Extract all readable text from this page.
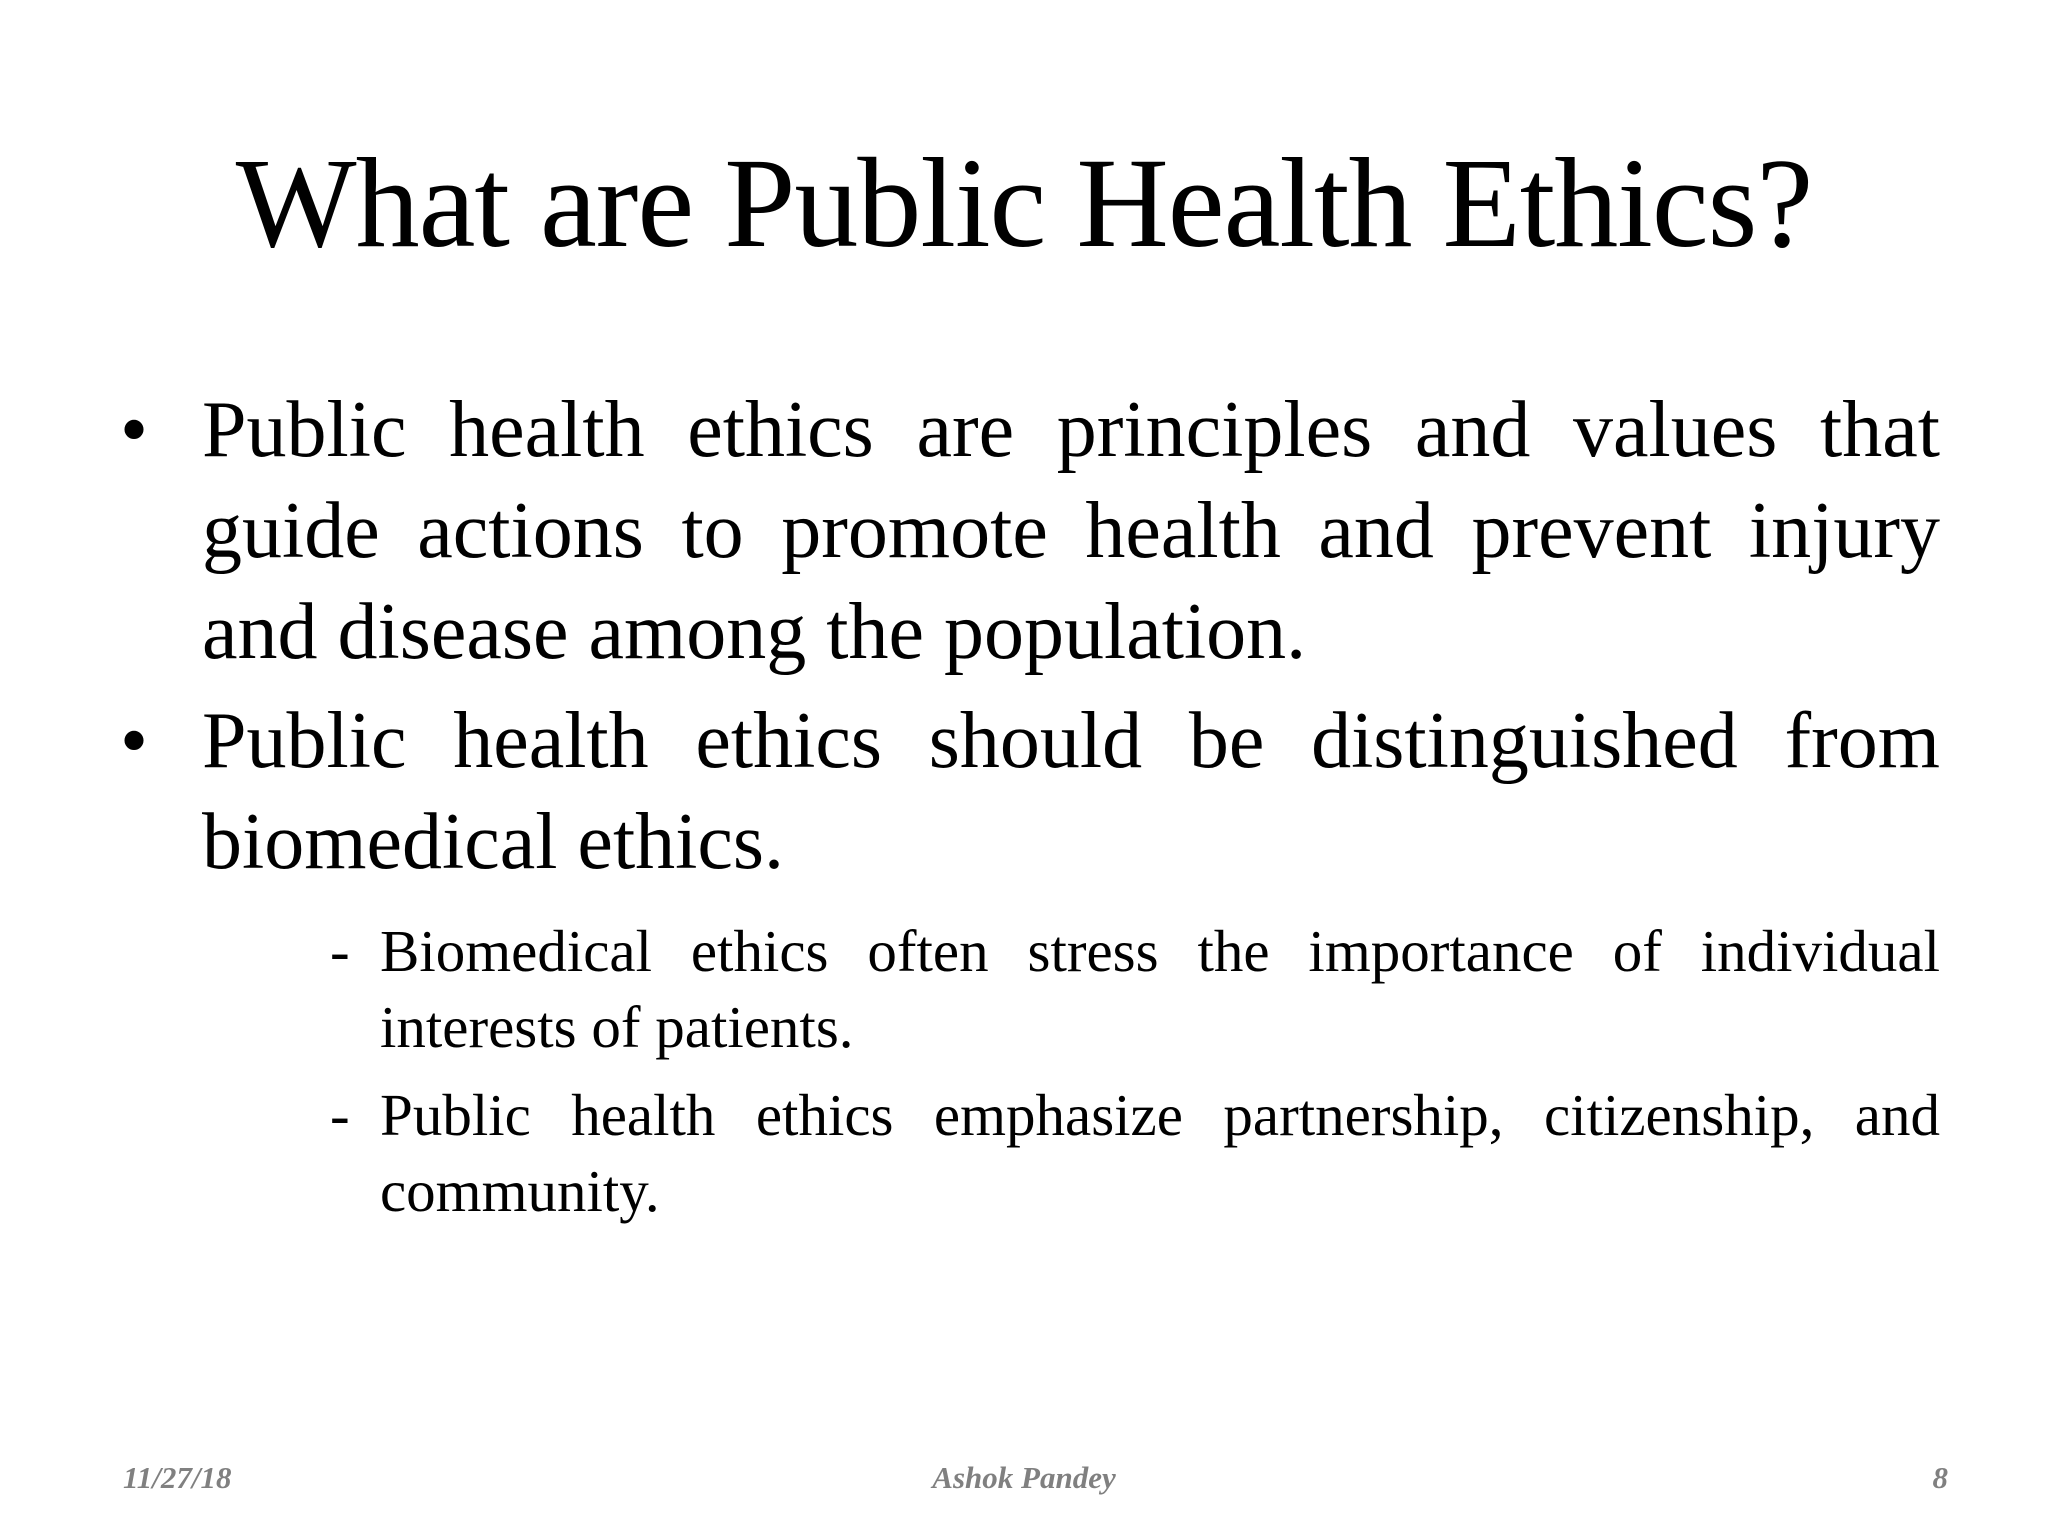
What are Public Health Ethics?
• Public health ethics are principles and values that guide actions to promote health and prevent injury and disease among the population.
• Public health ethics should be distinguished from biomedical ethics.
- Biomedical ethics often stress the importance of individual interests of patients.
- Public health ethics emphasize partnership, citizenship, and community.
11/27/18	Ashok Pandey	8
